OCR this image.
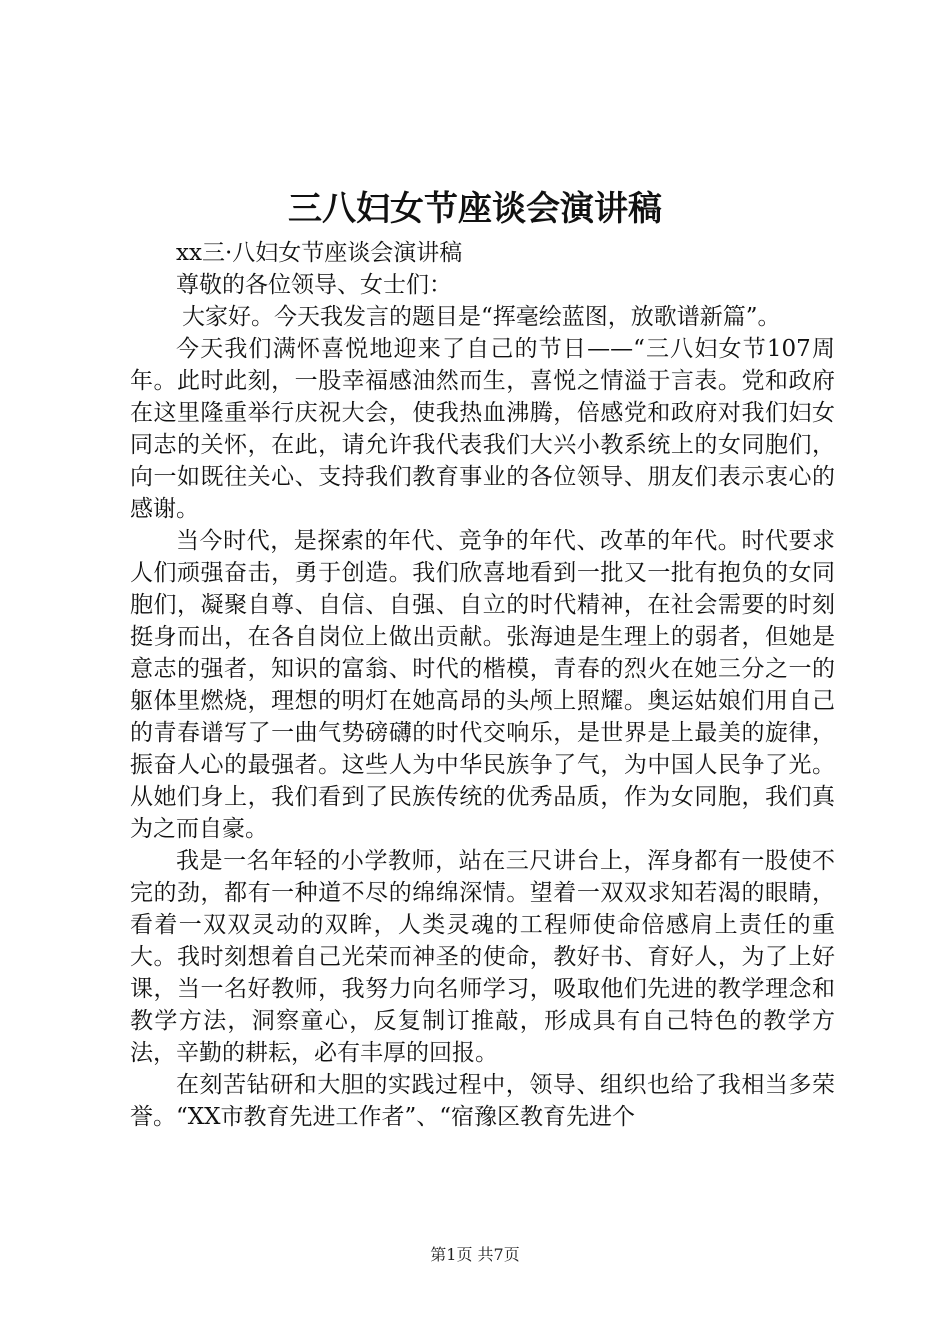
三八妇女节座谈会演讲稿

xx三·八妇女节座谈会演讲稿

尊敬的各位领导、女士们：

大家好。今天我发言的题目是“挥毫绘蓝图，放歌谱新篇”。

今天我们满怀喜悦地迎来了自己的节日——“三八妇女节107周年。此时此刻，一股幸福感油然而生，喜悦之情溢于言表。党和政府在这里隆重举行庆祝大会，使我热血沸腾，倍感党和政府对我们妇女同志的关怀，在此，请允许我代表我们大兴小教系统上的女同胞们，向一如既往关心、支持我们教育事业的各位领导、朋友们表示衷心的感谢。

当今时代，是探索的年代、竞争的年代、改革的年代。时代要求人们顽强奋击，勇于创造。我们欣喜地看到一批又一批有抱负的女同胞们，凝聚自尊、自信、自强、自立的时代精神，在社会需要的时刻挺身而出，在各自岗位上做出贡献。张海迪是生理上的弱者，但她是意志的强者，知识的富翁、时代的楷模，青春的烈火在她三分之一的躯体里燃烧，理想的明灯在她高昂的头颅上照耀。奥运姑娘们用自己的青春谱写了一曲气势磅礴的时代交响乐，是世界是上最美的旋律，振奋人心的最强者。这些人为中华民族争了气，为中国人民争了光。从她们身上，我们看到了民族传统的优秀品质，作为女同胞，我们真为之而自豪。

我是一名年轻的小学教师，站在三尺讲台上，浑身都有一股使不完的劲，都有一种道不尽的绵绵深情。望着一双双求知若渴的眼睛，看着一双双灵动的双眸，人类灵魂的工程师使命倍感肩上责任的重大。我时刻想着自己光荣而神圣的使命，教好书、育好人，为了上好课，当一名好教师，我努力向名师学习，吸取他们先进的教学理念和教学方法，洞察童心，反复制订推敲，形成具有自己特色的教学方法，辛勤的耕耘，必有丰厚的回报。

在刻苦钻研和大胆的实践过程中，领导、组织也给了我相当多荣誉。“XX市教育先进工作者”、“宿豫区教育先进个

第1页 共7页
